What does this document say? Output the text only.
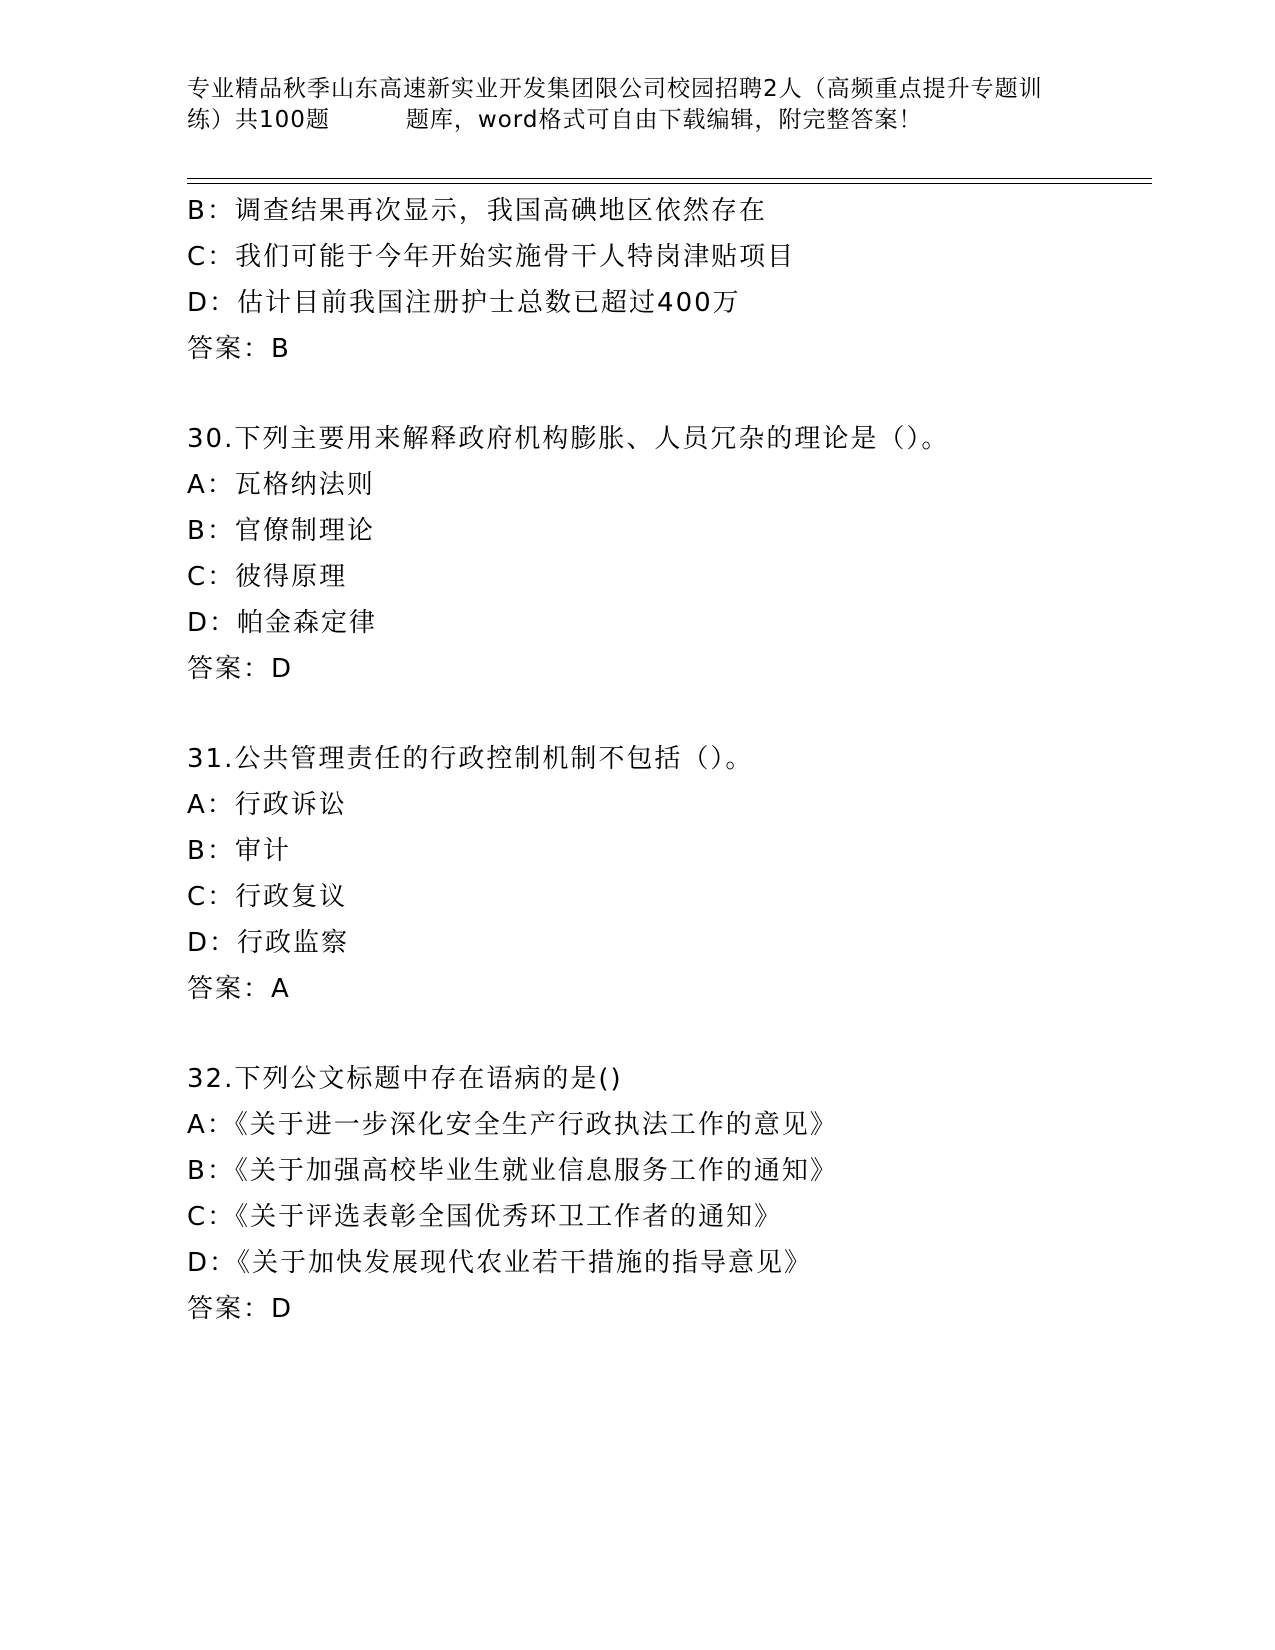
专业精品秋季山东高速新实业开发集团限公司校园招聘2人（高频重点提升专题训
练）共100题	题库，word格式可自由下载编辑，附完整答案！
B：调查结果再次显示，我国高碘地区依然存在
C：我们可能于今年开始实施骨干人特岗津贴项目
D：估计目前我国注册护士总数已超过400万
答案：B
30.下列主要用来解释政府机构膨胀、人员冗杂的理论是（）。
A：瓦格纳法则
B：官僚制理论
C：彼得原理
D：帕金森定律
答案：D
31.公共管理责任的行政控制机制不包括（）。
A：行政诉讼
B：审计
C：行政复议
D：行政监察
答案：A
32.下列公文标题中存在语病的是()
A：《关于进一步深化安全生产行政执法工作的意见》
B：《关于加强高校毕业生就业信息服务工作的通知》
C：《关于评选表彰全国优秀环卫工作者的通知》
D：《关于加快发展现代农业若干措施的指导意见》
答案：D
